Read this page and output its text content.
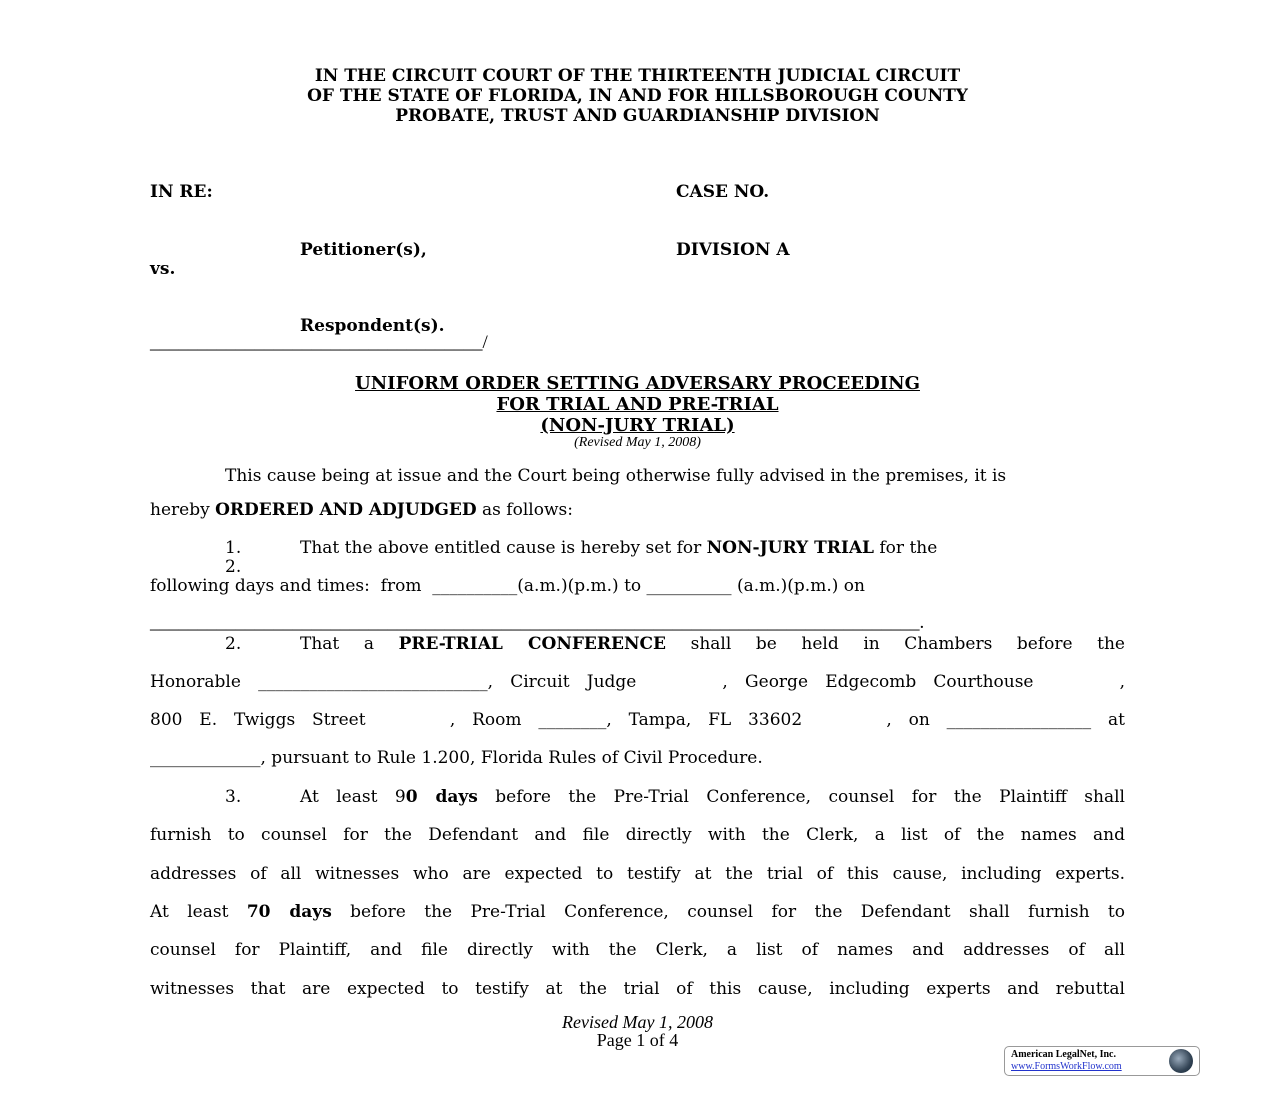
IN THE CIRCUIT COURT OF THE THIRTEENTH JUDICIAL CIRCUIT
OF THE STATE OF FLORIDA, IN AND FOR HILLSBOROUGH COUNTY
PROBATE, TRUST AND GUARDIANSHIP DIVISION
IN RE:	CASE NO.
Petitioner(s),	DIVISION A
vs.
Respondent(s).
___________________________________/
UNIFORM ORDER SETTING ADVERSARY PROCEEDING
FOR TRIAL AND PRE-TRIAL
(NON-JURY TRIAL)
(Revised May 1, 2008)
This cause being at issue and the Court being otherwise fully advised in the premises, it is
hereby ORDERED AND ADJUDGED as follows:
1.	That the above entitled cause is hereby set for NON-JURY TRIAL for the
2.
following days and times:  from  __________(a.m.)(p.m.) to __________ (a.m.)(p.m.) on
_________________________________________________________________________________.
2.	That a PRE-TRIAL CONFERENCE shall be held in Chambers before the
Honorable ___________________________, Circuit Judge     , George Edgecomb Courthouse     ,
800 E. Twiggs Street     , Room ________, Tampa, FL 33602     , on _________________ at
_____________, pursuant to Rule 1.200, Florida Rules of Civil Procedure.
3.	At least 90 days before the Pre-Trial Conference, counsel for the Plaintiff shall
furnish to counsel for the Defendant and file directly with the Clerk, a list of the names and
addresses of all witnesses who are expected to testify at the trial of this cause, including experts.
At least 70 days before the Pre-Trial Conference, counsel for the Defendant shall furnish to
counsel for Plaintiff, and file directly with the Clerk, a list of names and addresses of all
witnesses that are expected to testify at the trial of this cause, including experts and rebuttal
Revised May 1, 2008
Page 1 of 4
American LegalNet, Inc.
www.FormsWorkFlow.com
